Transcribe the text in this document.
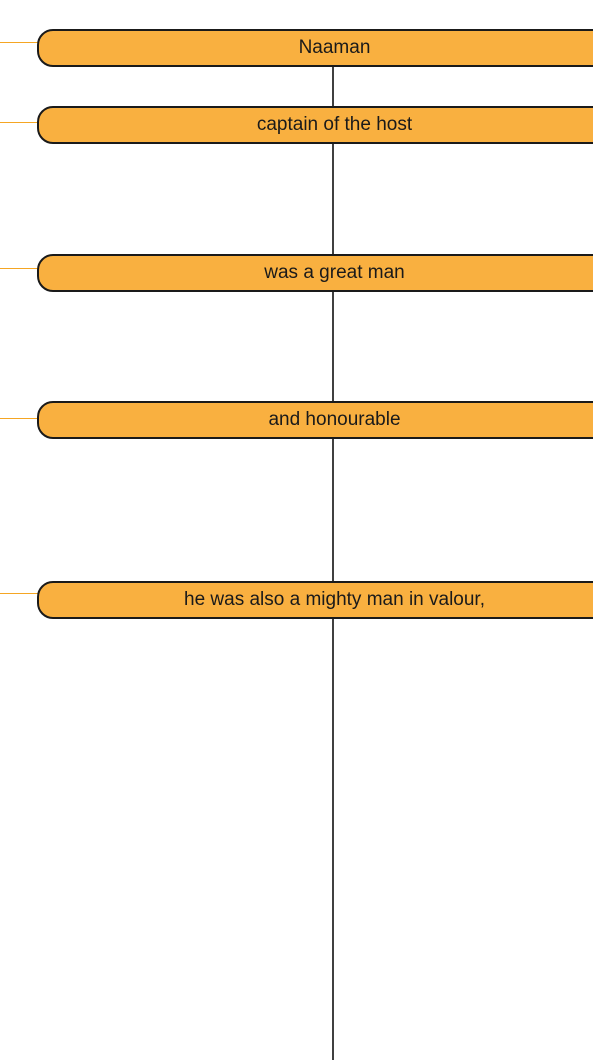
Naaman
captain of the host
was a great man
and honourable
he was also a mighty man in valour,
